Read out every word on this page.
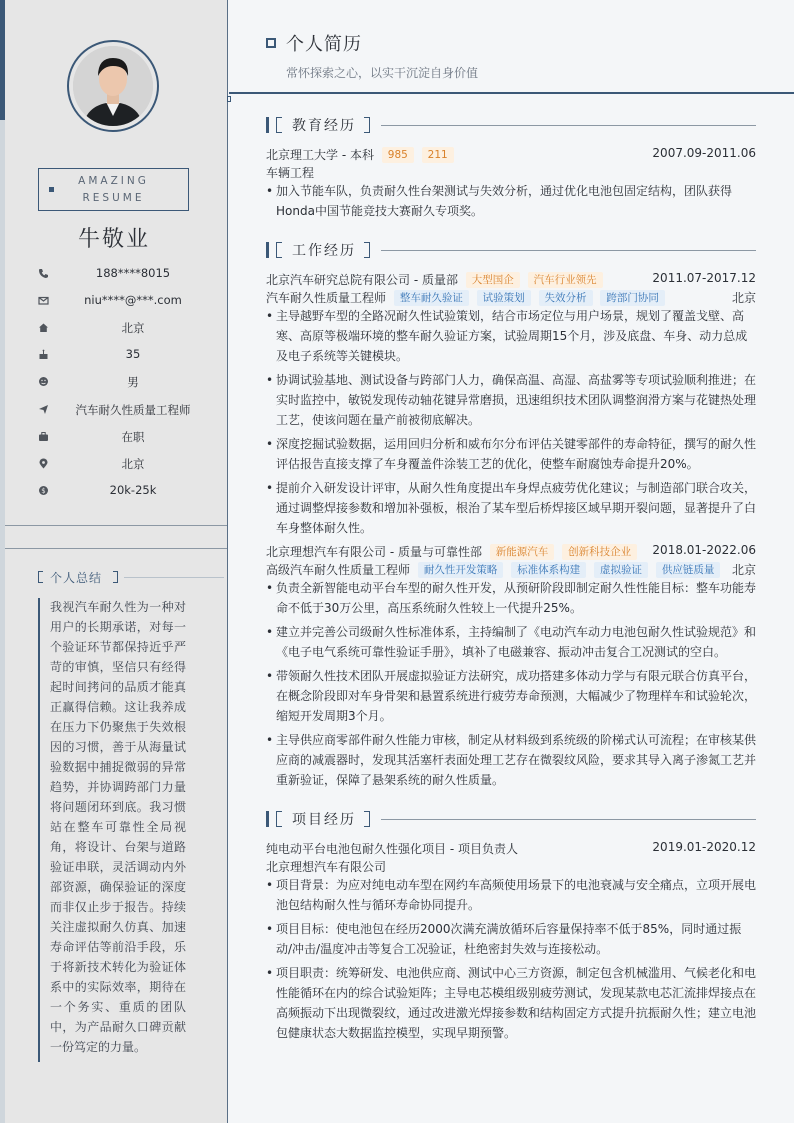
AMAZING
RESUME
牛敬业
188****8015
niu****@***.com
北京
35
男
汽车耐久性质量工程师
在职
北京
$	20k-25k
个人总结
我视汽车耐久性为一种对用户的长期承诺，对每一个验证环节都保持近乎严苛的审慎，坚信只有经得起时间拷问的品质才能真正赢得信赖。这让我养成在压力下仍聚焦于失效根因的习惯，善于从海量试验数据中捕捉微弱的异常趋势，并协调跨部门力量将问题闭环到底。我习惯站在整车可靠性全局视角，将设计、台架与道路验证串联，灵活调动内外部资源，确保验证的深度而非仅止步于报告。持续关注虚拟耐久仿真、加速寿命评估等前沿手段，乐于将新技术转化为验证体系中的实际效率，期待在一个务实、重质的团队中，为产品耐久口碑贡献一份笃定的力量。
个人简历
常怀探索之心，以实干沉淀自身价值
教育经历
北京理工大学 - 本科 985 211	2007.09-2011.06
车辆工程
• 加入节能车队，负责耐久性台架测试与失效分析，通过优化电池包固定结构，团队获得Honda中国节能竞技大赛耐久专项奖。
工作经历
北京汽车研究总院有限公司 - 质量部 大型国企 汽车行业领先	2011.07-2017.12
汽车耐久性质量工程师 整车耐久验证 试验策划 失效分析 跨部门协同	北京
• 主导越野车型的全路况耐久性试验策划，结合市场定位与用户场景，规划了覆盖戈壁、高寒、高原等极端环境的整车耐久验证方案，试验周期15个月，涉及底盘、车身、动力总成及电子系统等关键模块。
• 协调试验基地、测试设备与跨部门人力，确保高温、高湿、高盐雾等专项试验顺利推进；在实时监控中，敏锐发现传动轴花键异常磨损，迅速组织技术团队调整润滑方案与花键热处理工艺，使该问题在量产前被彻底解决。
• 深度挖掘试验数据，运用回归分析和威布尔分布评估关键零部件的寿命特征，撰写的耐久性评估报告直接支撑了车身覆盖件涂装工艺的优化，使整车耐腐蚀寿命提升20%。
• 提前介入研发设计评审，从耐久性角度提出车身焊点疲劳优化建议；与制造部门联合攻关，通过调整焊接参数和增加补强板，根治了某车型后桥焊接区域早期开裂问题，显著提升了白车身整体耐久性。
北京理想汽车有限公司 - 质量与可靠性部 新能源汽车 创新科技企业 2018.01-2022.06
高级汽车耐久性质量工程师 耐久性开发策略 标准体系构建 虚拟验证 供应链质量 北京
• 负责全新智能电动平台车型的耐久性开发，从预研阶段即制定耐久性性能目标：整车功能寿命不低于30万公里，高压系统耐久性较上一代提升25%。
• 建立并完善公司级耐久性标准体系，主持编制了《电动汽车动力电池包耐久性试验规范》和《电子电气系统可靠性验证手册》，填补了电磁兼容、振动冲击复合工况测试的空白。
• 带领耐久性技术团队开展虚拟验证方法研究，成功搭建多体动力学与有限元联合仿真平台，在概念阶段即对车身骨架和悬置系统进行疲劳寿命预测，大幅减少了物理样车和试验轮次，缩短开发周期3个月。
• 主导供应商零部件耐久性能力审核，制定从材料级到系统级的阶梯式认可流程；在审核某供应商的减震器时，发现其活塞杆表面处理工艺存在微裂纹风险，要求其导入离子渗氮工艺并重新验证，保障了悬架系统的耐久性质量。
项目经历
纯电动平台电池包耐久性强化项目 - 项目负责人	2019.01-2020.12
北京理想汽车有限公司
• 项目背景：为应对纯电动车型在网约车高频使用场景下的电池衰减与安全痛点，立项开展电池包结构耐久性与循环寿命协同提升。
• 项目目标：使电池包在经历2000次满充满放循环后容量保持率不低于85%，同时通过振动/冲击/温度冲击等复合工况验证，杜绝密封失效与连接松动。
• 项目职责：统筹研发、电池供应商、测试中心三方资源，制定包含机械滥用、气候老化和电性能循环在内的综合试验矩阵；主导电芯模组级别疲劳测试，发现某款电芯汇流排焊接点在高频振动下出现微裂纹，通过改进激光焊接参数和结构固定方式提升抗振耐久性；建立电池包健康状态大数据监控模型，实现早期预警。
